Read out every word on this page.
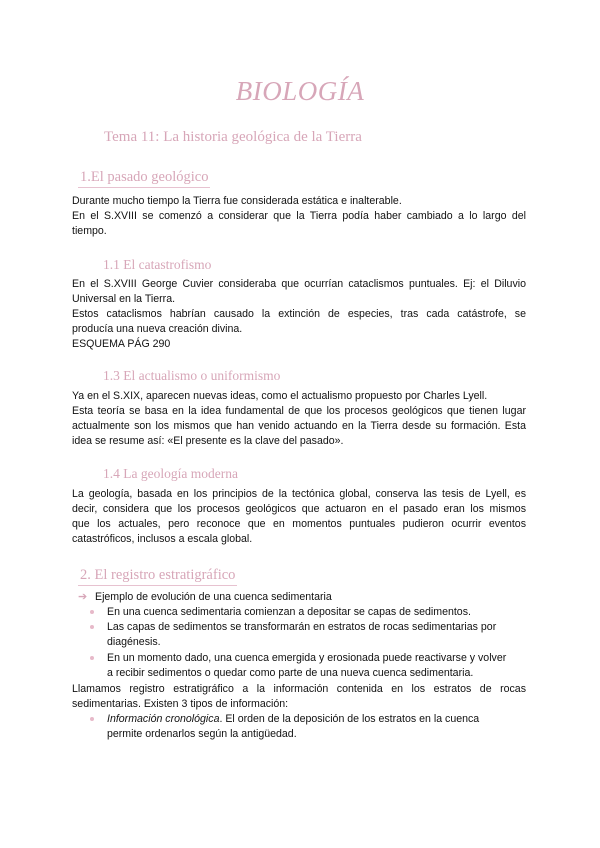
BIOLOGÍA
Tema 11: La historia geológica de la Tierra
1.El pasado geológico
Durante mucho tiempo la Tierra fue considerada estática e inalterable.
En el S.XVIII se comenzó a considerar que la Tierra podía haber cambiado a lo largo del
tiempo.
1.1 El catastrofismo
En el S.XVIII George Cuvier consideraba que ocurrían cataclismos puntuales. Ej: el Diluvio
Universal en la Tierra.
Estos cataclismos habrían causado la extinción de especies, tras cada catástrofe, se
producía una nueva creación divina.
ESQUEMA PÁG 290
1.3 El actualismo o uniformismo
Ya en el S.XIX, aparecen nuevas ideas, como el actualismo propuesto por Charles Lyell.
Esta teoría se basa en la idea fundamental de que los procesos geológicos que tienen lugar
actualmente son los mismos que han venido actuando en la Tierra desde su formación. Esta
idea se resume así: «El presente es la clave del pasado».
1.4 La geología moderna
La geología, basada en los principios de la tectónica global, conserva las tesis de Lyell, es
decir, considera que los procesos geológicos que actuaron en el pasado eran los mismos
que los actuales, pero reconoce que en momentos puntuales pudieron ocurrir eventos
catastróficos, inclusos a escala global.
2. El registro estratigráfico
➔ Ejemplo de evolución de una cuenca sedimentaria
En una cuenca sedimentaria comienzan a depositar se capas de sedimentos.
Las capas de sedimentos se transformarán en estratos de rocas sedimentarias por
diagénesis.
En un momento dado, una cuenca emergida y erosionada puede reactivarse y volver
a recibir sedimentos o quedar como parte de una nueva cuenca sedimentaria.
Llamamos registro estratigráfico a la información contenida en los estratos de rocas
sedimentarias. Existen 3 tipos de información:
Información cronológica. El orden de la deposición de los estratos en la cuenca
permite ordenarlos según la antigüedad.
